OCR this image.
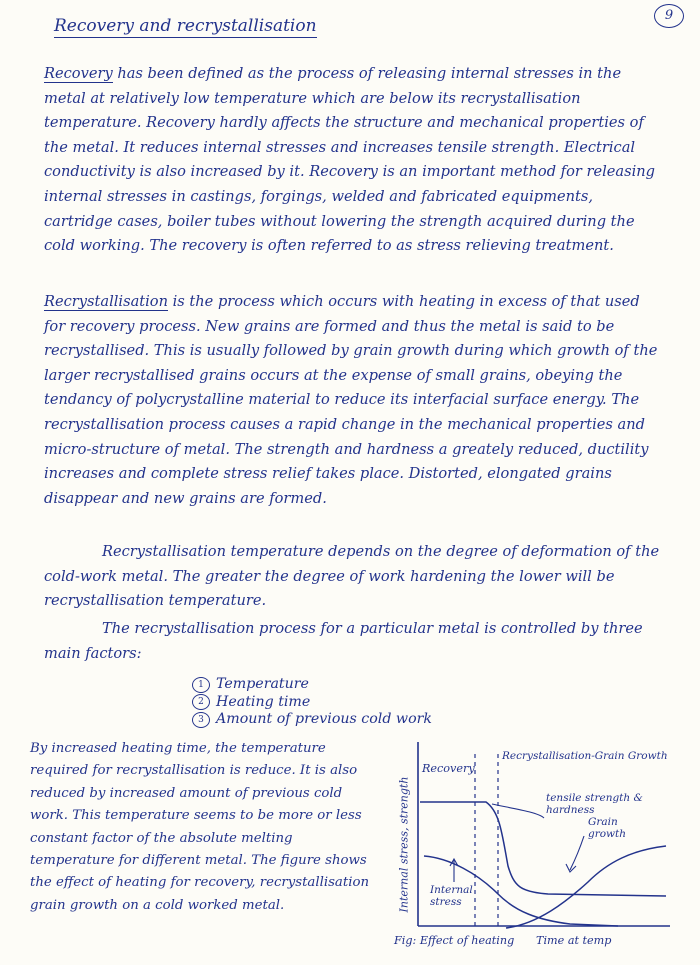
9
Recovery and recrystallisation
Recovery has been defined as the process of releasing internal stresses in the metal at relatively low temperature which are below its recrystallisation temperature. Recovery hardly affects the structure and mechanical properties of the metal. It reduces internal stresses and increases tensile strength. Electrical conductivity is also increased by it. Recovery is an important method for releasing internal stresses in castings, forgings, welded and fabricated equipments, cartridge cases, boiler tubes without lowering the strength acquired during the cold working. The recovery is often referred to as stress relieving treatment.
Recrystallisation is the process which occurs with heating in excess of that used for recovery process. New grains are formed and thus the metal is said to be recrystallised. This is usually followed by grain growth during which growth of the larger recrystallised grains occurs at the expense of small grains, obeying the tendancy of polycrystalline material to reduce its interfacial surface energy. The recrystallisation process causes a rapid change in the mechanical properties and micro-structure of metal. The strength and hardness a greately reduced, ductility increases and complete stress relief takes place. Distorted, elongated grains disappear and new grains are formed.
Recrystallisation temperature depends on the degree of deformation of the cold-work metal. The greater the degree of work hardening the lower will be recrystallisation temperature.
The recrystallisation process for a particular metal is controlled by three main factors:
1 Temperature
2 Heating time
3 Amount of previous cold work
By increased heating time, the temperature required for recrystallisation is reduce. It is also reduced by increased amount of previous cold work. This temperature seems to be more or less constant factor of the absolute melting temperature for different metal. The figure shows the effect of heating for recovery, recrystallisation grain growth on a cold worked metal.	Internal stress, strength
Recovery
Recrystallisation-Grain Growth
tensile strength & hardness
Grain growth
Internal stress
Fig: Effect of heating Time at temp
